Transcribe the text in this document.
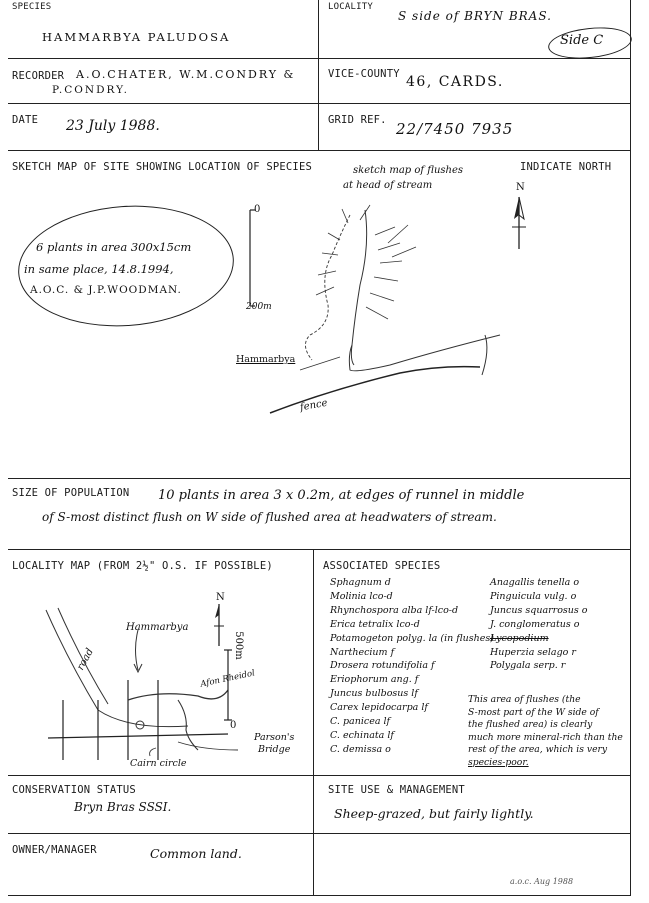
SPECIES
HAMMARBYA PALUDOSA
LOCALITY
S side of BRYN BRAS.
Side C
RECORDER A.O.CHATER, W.M.CONDRY &
P.CONDRY.
VICE-COUNTY 46, CARDS.
DATE 23 July 1988.	GRID REF. 22/7450 7935
SKETCH MAP OF SITE SHOWING LOCATION OF SPECIES	INDICATE NORTH
sketch map of flushes
at head of stream	N
6 plants in area 300x15cm
in same place, 14.8.1994,
A.O.C. & J.P.WOODMAN.
0
200m
Hammarbya
fence
SIZE OF POPULATION 10 plants in area 3 x 0.2m, at edges of runnel in middle
of S-most distinct flush on W side of flushed area at headwaters of stream.
LOCALITY MAP (FROM 2½" O.S. IF POSSIBLE)
N
Hammarbya
road
Afon Rheidol
500m
0
Parson's
Bridge
Cairn circle
ASSOCIATED SPECIES
Sphagnum d
Molinia lco-d
Rhynchospora alba lf-lco-d
Erica tetralix lco-d
Potamogeton polyg. la (in flushes)
Narthecium f
Drosera rotundifolia f
Eriophorum ang. f
Juncus bulbosus lf
Carex lepidocarpa lf
C. panicea lf
C. echinata lf
C. demissa o
Anagallis tenella o
Pinguicula vulg. o
Juncus squarrosus o
J. conglomeratus o
Lycopodium
Huperzia selago r
Polygala serp. r
This area of flushes (the
S-most part of the W side of
the flushed area) is clearly
much more mineral-rich than the
rest of the area, which is very
species-poor.
CONSERVATION STATUS
Bryn Bras SSSI.
SITE USE & MANAGEMENT
Sheep-grazed, but fairly lightly.
OWNER/MANAGER	Common land.
a.o.c. Aug 1988
